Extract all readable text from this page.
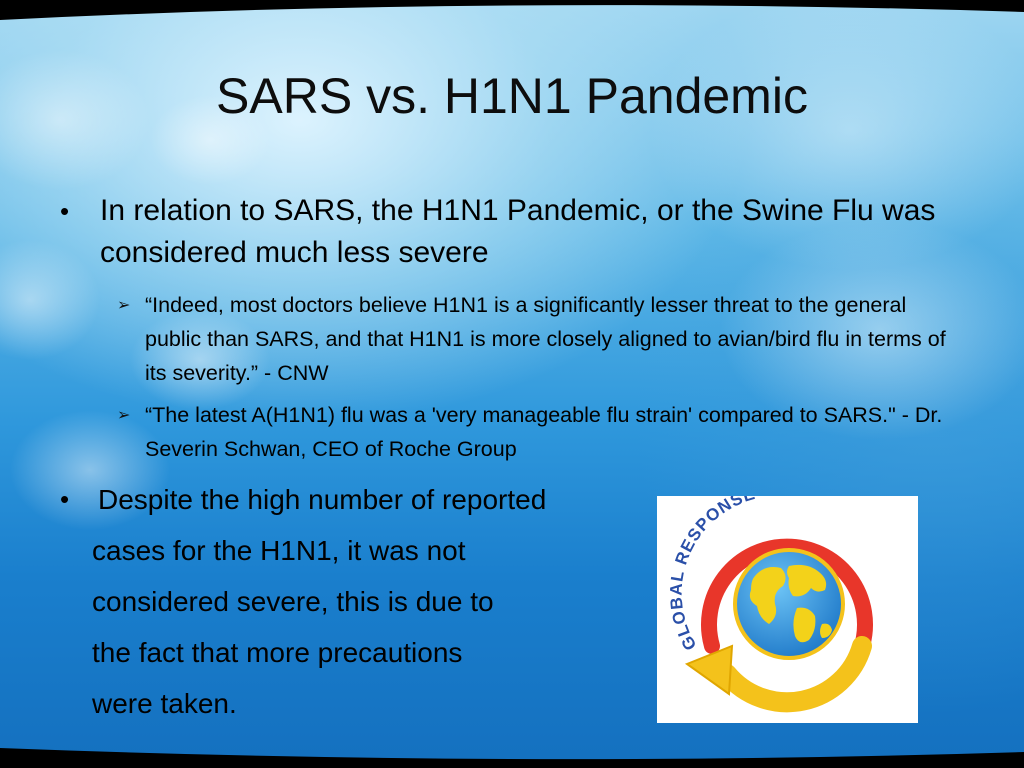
SARS vs. H1N1 Pandemic
• In relation to SARS, the H1N1 Pandemic, or the Swine Flu was considered much less severe
➢ “Indeed, most doctors believe H1N1 is a significantly lesser threat to the general public than SARS, and that H1N1 is more closely aligned to avian/bird flu in terms of its severity.” - CNW
➢ “The latest A(H1N1) flu was a 'very manageable flu strain' compared to SARS." - Dr. Severin Schwan, CEO of Roche Group
• Despite the high number of reported
cases for the H1N1, it was not
considered severe, this is due to
the fact that more precautions
were taken.
GLOBAL RESPONS
GLOBAL ALERT
